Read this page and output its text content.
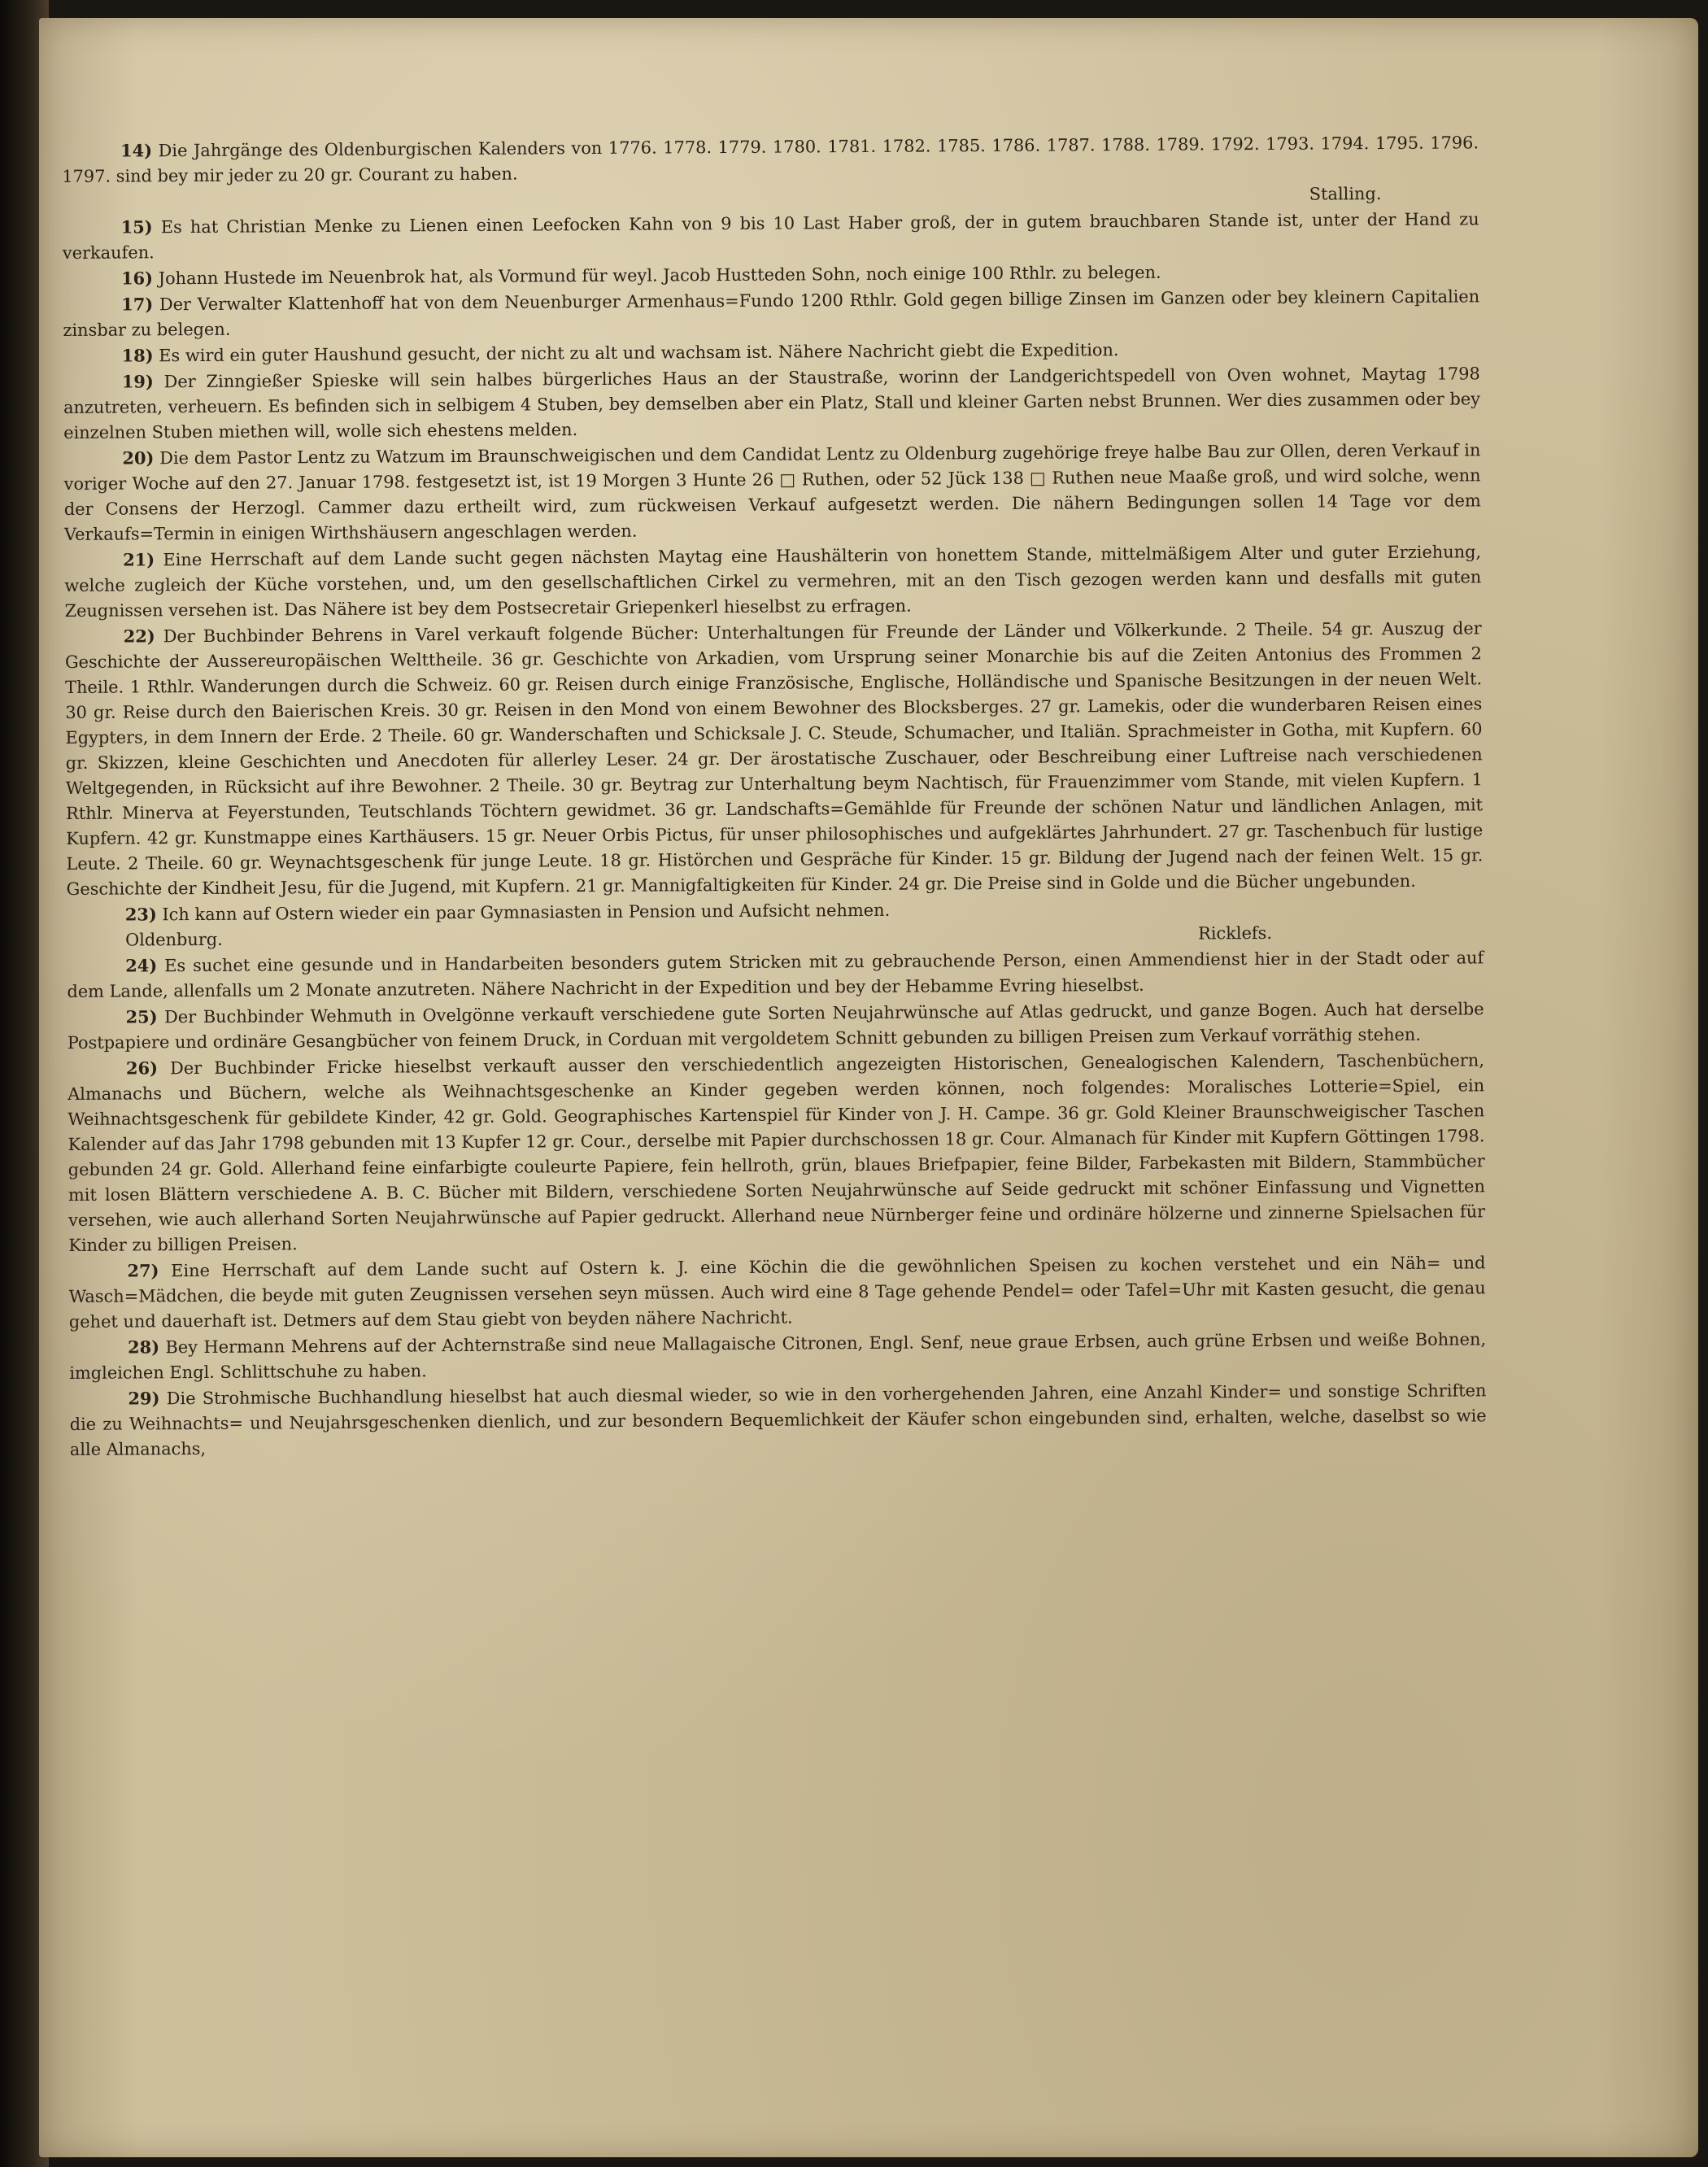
14) Die Jahrgänge des Oldenburgischen Kalenders von 1776. 1778. 1779. 1780. 1781. 1782. 1785. 1786. 1787. 1788. 1789. 1792. 1793. 1794. 1795. 1796. 1797. sind bey mir jeder zu 20 gr. Courant zu haben.

Stalling.

15) Es hat Christian Menke zu Lienen einen Leefocken Kahn von 9 bis 10 Last Haber groß, der in gutem brauchbaren Stande ist, unter der Hand zu verkaufen.

16) Johann Hustede im Neuenbrok hat, als Vormund für weyl. Jacob Hustteden Sohn, noch einige 100 Rthlr. zu belegen.

17) Der Verwalter Klattenhoff hat von dem Neuenburger Armenhaus=Fundo 1200 Rthlr. Gold gegen billige Zinsen im Ganzen oder bey kleinern Capitalien zinsbar zu belegen.

18) Es wird ein guter Haushund gesucht, der nicht zu alt und wachsam ist. Nähere Nachricht giebt die Expedition.

19) Der Zinngießer Spieske will sein halbes bürgerliches Haus an der Staustraße, worinn der Landgerichtspedell von Oven wohnet, Maytag 1798 anzutreten, verheuern. Es befinden sich in selbigem 4 Stuben, bey demselben aber ein Platz, Stall und kleiner Garten nebst Brunnen. Wer dies zusammen oder bey einzelnen Stuben miethen will, wolle sich ehestens melden.

20) Die dem Pastor Lentz zu Watzum im Braunschweigischen und dem Candidat Lentz zu Oldenburg zugehörige freye halbe Bau zur Ollen, deren Verkauf in voriger Woche auf den 27. Januar 1798. festgesetzt ist, ist 19 Morgen 3 Hunte 26 □ Ruthen, oder 52 Jück 138 □ Ruthen neue Maaße groß, und wird solche, wenn der Consens der Herzogl. Cammer dazu ertheilt wird, zum rückweisen Verkauf aufgesetzt werden. Die nähern Bedingungen sollen 14 Tage vor dem Verkaufs=Termin in einigen Wirthshäusern angeschlagen werden.

21) Eine Herrschaft auf dem Lande sucht gegen nächsten Maytag eine Haushälterin von honettem Stande, mittelmäßigem Alter und guter Erziehung, welche zugleich der Küche vorstehen, und, um den gesellschaftlichen Cirkel zu vermehren, mit an den Tisch gezogen werden kann und desfalls mit guten Zeugnissen versehen ist. Das Nähere ist bey dem Postsecretair Griepenkerl hieselbst zu erfragen.

22) Der Buchbinder Behrens in Varel verkauft folgende Bücher: Unterhaltungen für Freunde der Länder und Völkerkunde. 2 Theile. 54 gr. Auszug der Geschichte der Aussereuropäischen Welttheile. 36 gr. Geschichte von Arkadien, vom Ursprung seiner Monarchie bis auf die Zeiten Antonius des Frommen 2 Theile. 1 Rthlr. Wanderungen durch die Schweiz. 60 gr. Reisen durch einige Französische, Englische, Holländische und Spanische Besitzungen in der neuen Welt. 30 gr. Reise durch den Baierischen Kreis. 30 gr. Reisen in den Mond von einem Bewohner des Blocksberges. 27 gr. Lamekis, oder die wunderbaren Reisen eines Egypters, in dem Innern der Erde. 2 Theile. 60 gr. Wanderschaften und Schicksale J. C. Steude, Schumacher, und Italiän. Sprachmeister in Gotha, mit Kupfern. 60 gr. Skizzen, kleine Geschichten und Anecdoten für allerley Leser. 24 gr. Der ärostatische Zuschauer, oder Beschreibung einer Luftreise nach verschiedenen Weltgegenden, in Rücksicht auf ihre Bewohner. 2 Theile. 30 gr. Beytrag zur Unterhaltung beym Nachtisch, für Frauenzimmer vom Stande, mit vielen Kupfern. 1 Rthlr. Minerva at Feyerstunden, Teutschlands Töchtern gewidmet. 36 gr. Landschafts=Gemählde für Freunde der schönen Natur und ländlichen Anlagen, mit Kupfern. 42 gr. Kunstmappe eines Karthäusers. 15 gr. Neuer Orbis Pictus, für unser philosophisches und aufgeklärtes Jahrhundert. 27 gr. Taschenbuch für lustige Leute. 2 Theile. 60 gr. Weynachtsgeschenk für junge Leute. 18 gr. Histörchen und Gespräche für Kinder. 15 gr. Bildung der Jugend nach der feinen Welt. 15 gr. Geschichte der Kindheit Jesu, für die Jugend, mit Kupfern. 21 gr. Mannigfaltigkeiten für Kinder. 24 gr. Die Preise sind in Golde und die Bücher ungebunden.

23) Ich kann auf Ostern wieder ein paar Gymnasiasten in Pension und Aufsicht nehmen.

Oldenburg.	Ricklefs.

24) Es suchet eine gesunde und in Handarbeiten besonders gutem Stricken mit zu gebrauchende Person, einen Ammendienst hier in der Stadt oder auf dem Lande, allenfalls um 2 Monate anzutreten. Nähere Nachricht in der Expedition und bey der Hebamme Evring hieselbst.

25) Der Buchbinder Wehmuth in Ovelgönne verkauft verschiedene gute Sorten Neujahrwünsche auf Atlas gedruckt, und ganze Bogen. Auch hat derselbe Postpapiere und ordinäre Gesangbücher von feinem Druck, in Corduan mit vergoldetem Schnitt gebunden zu billigen Preisen zum Verkauf vorräthig stehen.

26) Der Buchbinder Fricke hieselbst verkauft ausser den verschiedentlich angezeigten Historischen, Genealogischen Kalendern, Taschenbüchern, Almanachs und Büchern, welche als Weihnachtsgeschenke an Kinder gegeben werden können, noch folgendes: Moralisches Lotterie=Spiel, ein Weihnachtsgeschenk für gebildete Kinder, 42 gr. Gold. Geographisches Kartenspiel für Kinder von J. H. Campe. 36 gr. Gold Kleiner Braunschweigischer Taschen Kalender auf das Jahr 1798 gebunden mit 13 Kupfer 12 gr. Cour., derselbe mit Papier durchschossen 18 gr. Cour. Almanach für Kinder mit Kupfern Göttingen 1798. gebunden 24 gr. Gold. Allerhand feine einfarbigte couleurte Papiere, fein hellroth, grün, blaues Briefpapier, feine Bilder, Farbekasten mit Bildern, Stammbücher mit losen Blättern verschiedene A. B. C. Bücher mit Bildern, verschiedene Sorten Neujahrwünsche auf Seide gedruckt mit schöner Einfassung und Vignetten versehen, wie auch allerhand Sorten Neujahrwünsche auf Papier gedruckt. Allerhand neue Nürnberger feine und ordinäre hölzerne und zinnerne Spielsachen für Kinder zu billigen Preisen.

27) Eine Herrschaft auf dem Lande sucht auf Ostern k. J. eine Köchin die die gewöhnlichen Speisen zu kochen verstehet und ein Näh= und Wasch=Mädchen, die beyde mit guten Zeugnissen versehen seyn müssen. Auch wird eine 8 Tage gehende Pendel= oder Tafel=Uhr mit Kasten gesucht, die genau gehet und dauerhaft ist. Detmers auf dem Stau giebt von beyden nähere Nachricht.

28) Bey Hermann Mehrens auf der Achternstraße sind neue Mallagaische Citronen, Engl. Senf, neue graue Erbsen, auch grüne Erbsen und weiße Bohnen, imgleichen Engl. Schlittschuhe zu haben.

29) Die Strohmische Buchhandlung hieselbst hat auch diesmal wieder, so wie in den vorhergehenden Jahren, eine Anzahl Kinder= und sonstige Schriften die zu Weihnachts= und Neujahrsgeschenken dienlich, und zur besondern Bequemlichkeit der Käufer schon eingebunden sind, erhalten, welche, daselbst so wie alle Almanachs,
